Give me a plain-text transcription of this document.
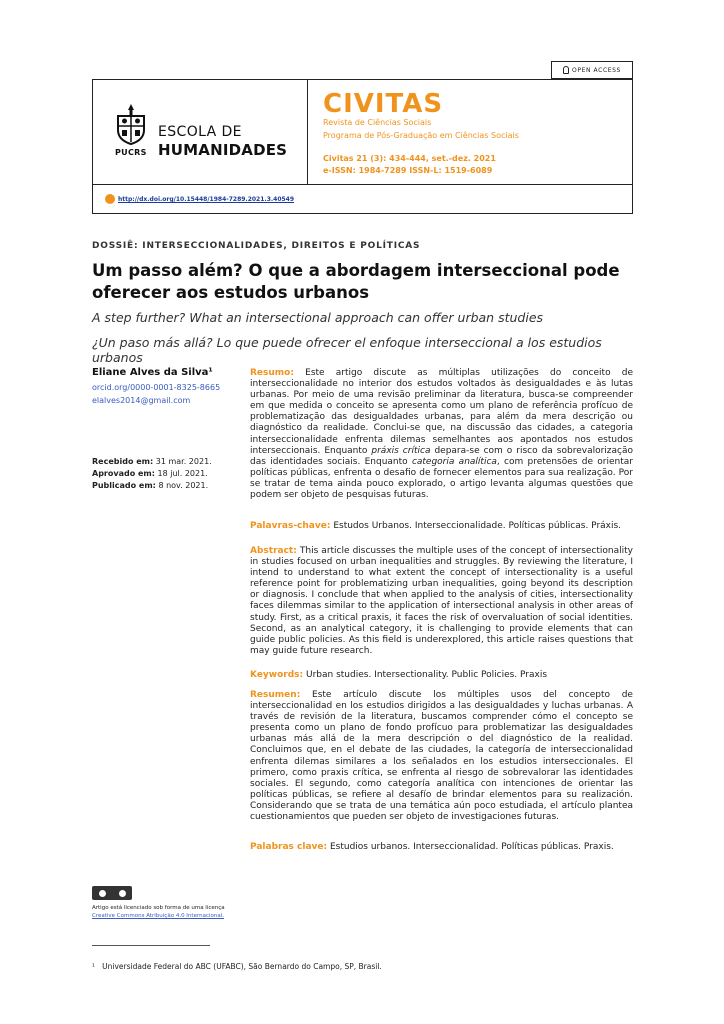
OPEN ACCESS
PUCRS
ESCOLA DE
HUMANIDADES
CIVITAS
Revista de Ciências Sociais
Programa de Pós-Graduação em Ciências Sociais
Civitas 21 (3): 434-444, set.-dez. 2021
e-ISSN: 1984-7289 ISSN-L: 1519-6089
http://dx.doi.org/10.15448/1984-7289.2021.3.40549
DOSSIÊ: INTERSECCIONALIDADES, DIREITOS E POLÍTICAS
Um passo além? O que a abordagem interseccional pode oferecer aos estudos urbanos
A step further? What an intersectional approach can offer urban studies
¿Un paso más allá? Lo que puede ofrecer el enfoque interseccional a los estudios urbanos
Eliane Alves da Silva¹
orcid.org/0000-0001-8325-8665
elalves2014@gmail.com
Recebido em: 31 mar. 2021.
Aprovado em: 18 jul. 2021.
Publicado em: 8 nov. 2021.
Resumo: Este artigo discute as múltiplas utilizações do conceito de interseccionalidade no interior dos estudos voltados às desigualdades e às lutas urbanas. Por meio de uma revisão preliminar da literatura, busca-se compreender em que medida o conceito se apresenta como um plano de referência profícuo de problematização das desigualdades urbanas, para além da mera descrição ou diagnóstico da realidade. Conclui-se que, na discussão das cidades, a categoria interseccionalidade enfrenta dilemas semelhantes aos apontados nos estudos interseccionais. Enquanto práxis crítica depara-se com o risco da sobrevalorização das identidades sociais. Enquanto categoria analítica, com pretensões de orientar políticas públicas, enfrenta o desafio de fornecer elementos para sua realização. Por se tratar de tema ainda pouco explorado, o artigo levanta algumas questões que podem ser objeto de pesquisas futuras.
Palavras-chave: Estudos Urbanos. Interseccionalidade. Políticas públicas. Práxis.
Abstract: This article discusses the multiple uses of the concept of intersectionality in studies focused on urban inequalities and struggles. By reviewing the literature, I intend to understand to what extent the concept of intersectionality is a useful reference point for problematizing urban inequalities, going beyond its description or diagnosis. I conclude that when applied to the analysis of cities, intersectionality faces dilemmas similar to the application of intersectional analysis in other areas of study. First, as a critical praxis, it faces the risk of overvaluation of social identities. Second, as an analytical category, it is challenging to provide elements that can guide public policies. As this field is underexplored, this article raises questions that may guide future research.
Keywords: Urban studies. Intersectionality. Public Policies. Praxis
Resumen: Este artículo discute los múltiples usos del concepto de interseccionalidad en los estudios dirigidos a las desigualdades y luchas urbanas. A través de revisión de la literatura, buscamos comprender cómo el concepto se presenta como un plano de fondo profícuo para problematizar las desigualdades urbanas más allá de la mera descripción o del diagnóstico de la realidad. Concluimos que, en el debate de las ciudades, la categoría de interseccionalidad enfrenta dilemas similares a los señalados en los estudios interseccionales. El primero, como praxis crítica, se enfrenta al riesgo de sobrevalorar las identidades sociales. El segundo, como categoría analítica con intenciones de orientar las políticas públicas, se refiere al desafío de brindar elementos para su realización. Considerando que se trata de una temática aún poco estudiada, el artículo plantea cuestionamientos que pueden ser objeto de investigaciones futuras.
Palabras clave: Estudios urbanos. Interseccionalidad. Políticas públicas. Praxis.
Artigo está licenciado sob forma de uma licença
Creative Commons Atribuição 4.0 Internacional.
¹ Universidade Federal do ABC (UFABC), São Bernardo do Campo, SP, Brasil.
